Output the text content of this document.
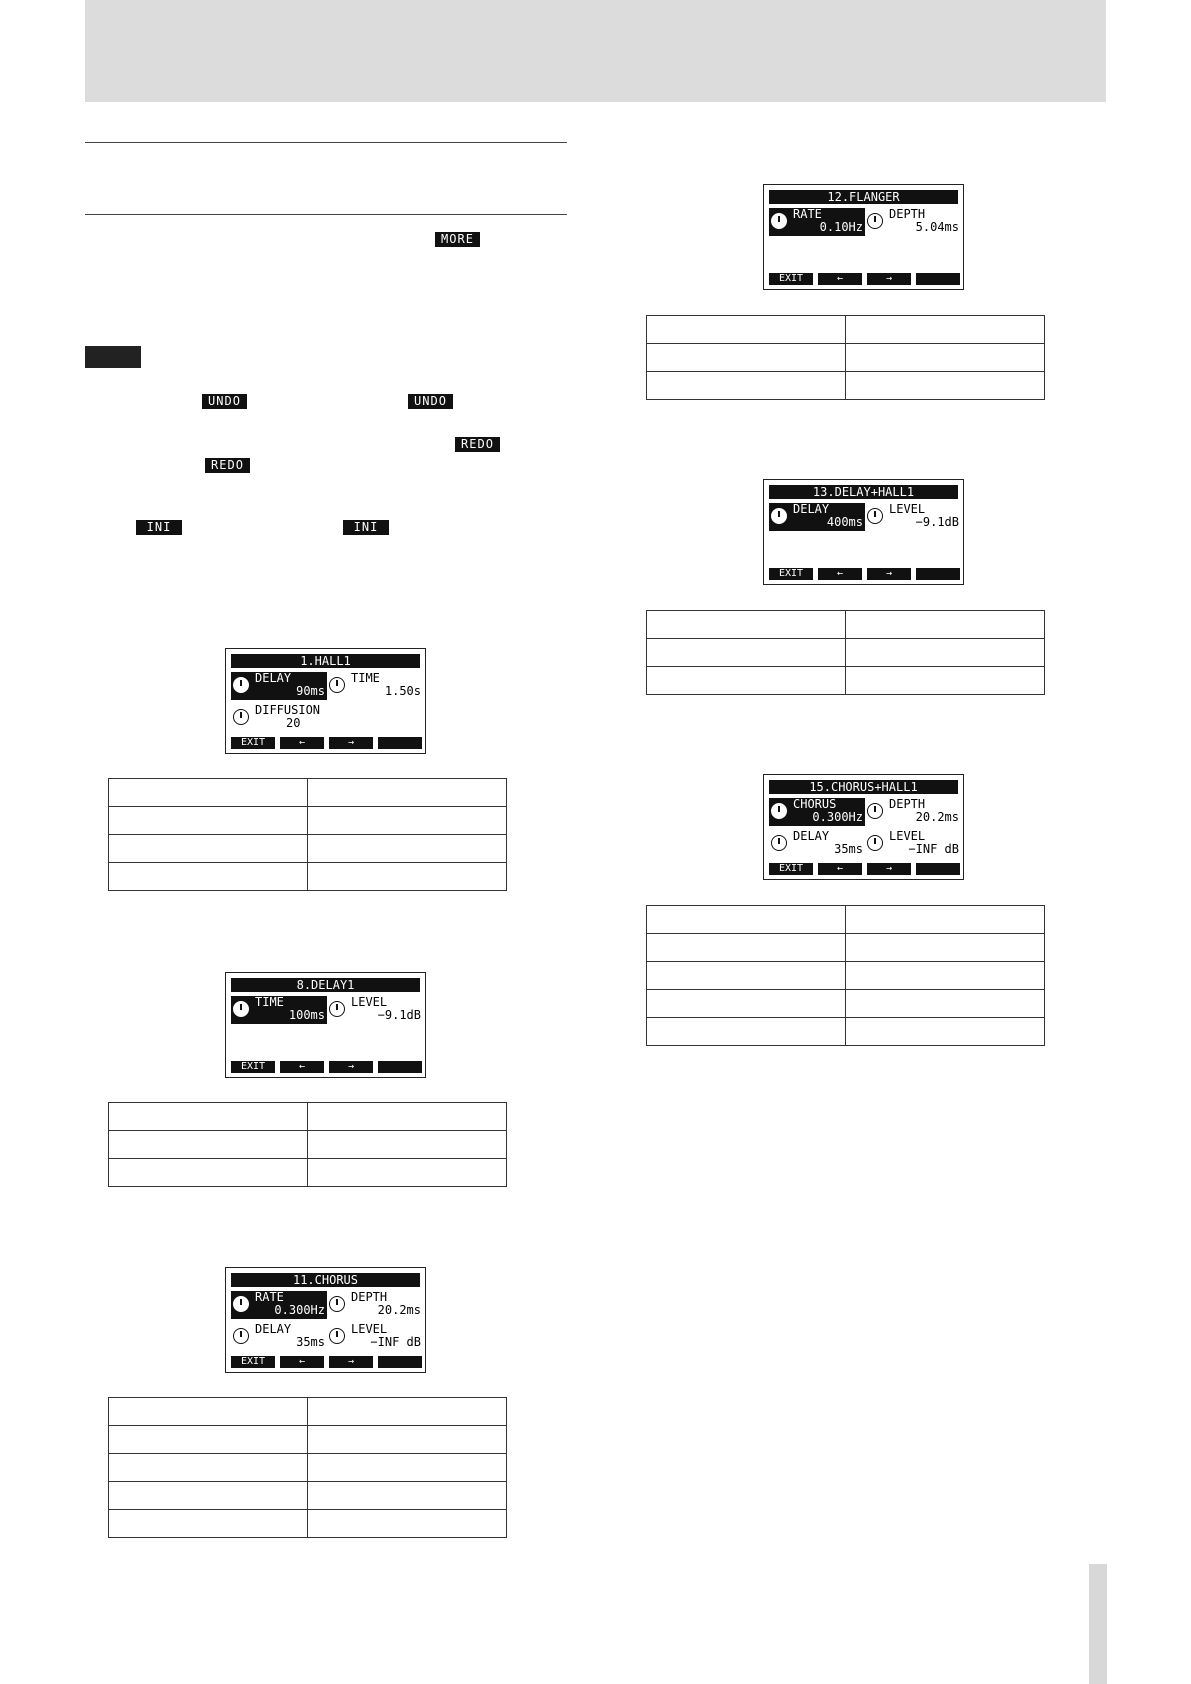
MORE
UNDO	UNDO
REDO
REDO
INI	INI
1.HALL1
DELAY
90ms
TIME
1.50s
DIFFUSION
20
EXIT	←	→

8.DELAY1
TIME
100ms
LEVEL
−9.1dB
EXIT	←	→

11.CHORUS
RATE
0.300Hz
DEPTH
20.2ms
DELAY
35ms
LEVEL
−INF dB
EXIT	←	→

12.FLANGER
RATE
0.10Hz
DEPTH
5.04ms
EXIT	←	→

13.DELAY+HALL1
DELAY
400ms
LEVEL
−9.1dB
EXIT	←	→

15.CHORUS+HALL1
CHORUS
0.300Hz
DEPTH
20.2ms
DELAY
35ms
LEVEL
−INF dB
EXIT	←	→
